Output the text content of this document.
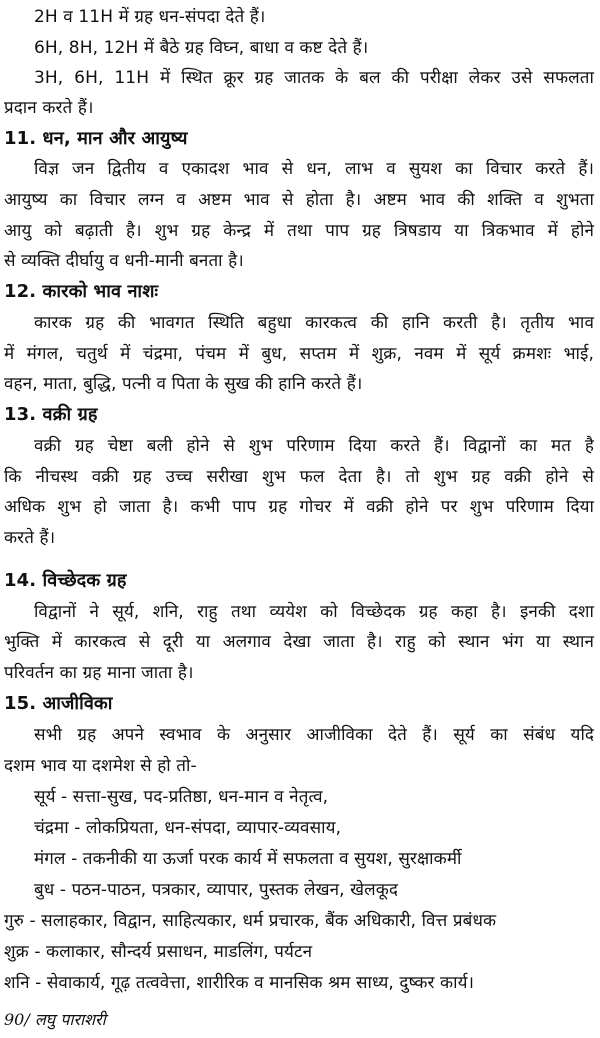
2H व 11H में ग्रह धन-संपदा देते हैं।
6H, 8H, 12H में बैठे ग्रह विघ्न, बाधा व कष्ट देते हैं।
3H, 6H, 11H में स्थित क्रूर ग्रह जातक के बल की परीक्षा लेकर उसे सफलता
प्रदान करते हैं।
11. धन, मान और आयुष्य
विज्ञ जन द्वितीय व एकादश भाव से धन, लाभ व सुयश का विचार करते हैं।
आयुष्य का विचार लग्न व अष्टम भाव से होता है। अष्टम भाव की शक्ति व शुभता
आयु को बढ़ाती है। शुभ ग्रह केन्द्र में तथा पाप ग्रह त्रिषडाय या त्रिकभाव में होने
से व्यक्ति दीर्घायु व धनी-मानी बनता है।
12. कारको भाव नाशः
कारक ग्रह की भावगत स्थिति बहुधा कारकत्व की हानि करती है। तृतीय भाव
में मंगल, चतुर्थ में चंद्रमा, पंचम में बुध, सप्तम में शुक्र, नवम में सूर्य क्रमशः भाई,
वहन, माता, बुद्धि, पत्नी व पिता के सुख की हानि करते हैं।
13. वक्री ग्रह
वक्री ग्रह चेष्टा बली होने से शुभ परिणाम दिया करते हैं। विद्वानों का मत है
कि नीचस्थ वक्री ग्रह उच्च सरीखा शुभ फल देता है। तो शुभ ग्रह वक्री होने से
अधिक शुभ हो जाता है। कभी पाप ग्रह गोचर में वक्री होने पर शुभ परिणाम दिया
करते हैं।
14. विच्छेदक ग्रह
विद्वानों ने सूर्य, शनि, राहु तथा व्ययेश को विच्छेदक ग्रह कहा है। इनकी दशा
भुक्ति में कारकत्व से दूरी या अलगाव देखा जाता है। राहु को स्थान भंग या स्थान
परिवर्तन का ग्रह माना जाता है।
15. आजीविका
सभी ग्रह अपने स्वभाव के अनुसार आजीविका देते हैं। सूर्य का संबंध यदि
दशम भाव या दशमेश से हो तो-
सूर्य - सत्ता-सुख, पद-प्रतिष्ठा, धन-मान व नेतृत्व,
चंद्रमा - लोकप्रियता, धन-संपदा, व्यापार-व्यवसाय,
मंगल - तकनीकी या ऊर्जा परक कार्य में सफलता व सुयश, सुरक्षाकर्मी
बुध - पठन-पाठन, पत्रकार, व्यापार, पुस्तक लेखन, खेलकूद
गुरु - सलाहकार, विद्वान, साहित्यकार, धर्म प्रचारक, बैंक अधिकारी, वित्त प्रबंधक
शुक्र - कलाकार, सौन्दर्य प्रसाधन, माडलिंग, पर्यटन
शनि - सेवाकार्य, गूढ़ तत्ववेत्ता, शारीरिक व मानसिक श्रम साध्य, दुष्कर कार्य।
90/ लघु पाराशरी
